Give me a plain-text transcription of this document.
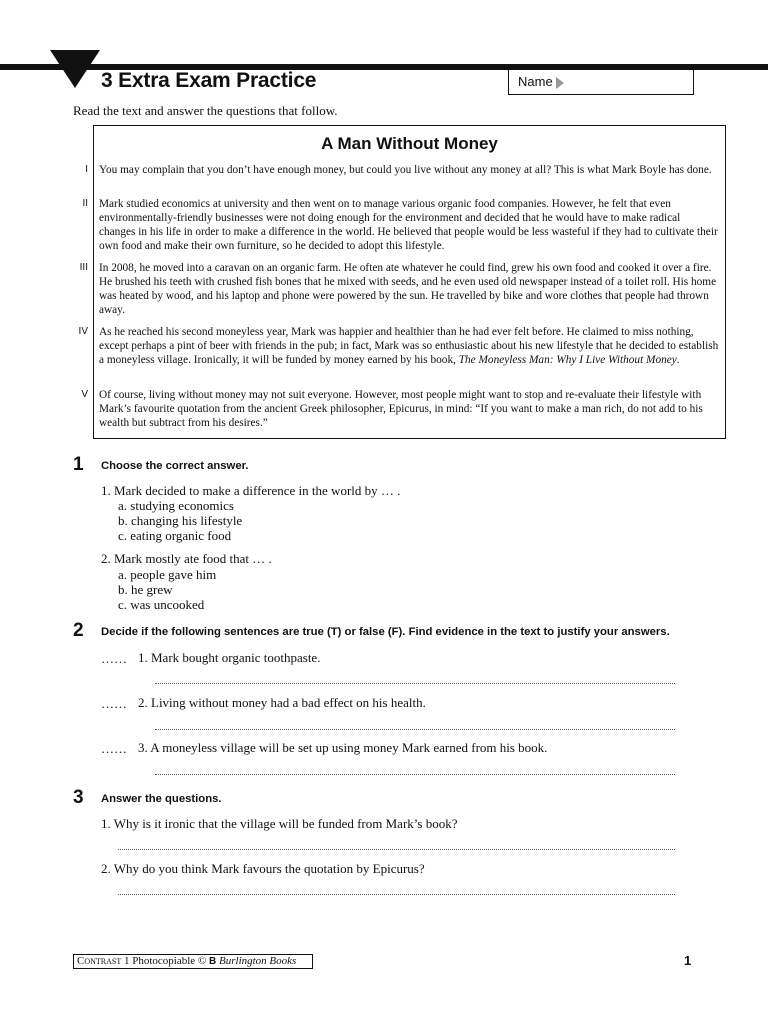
3 Extra Exam Practice	Name
Read the text and answer the questions that follow.
A Man Without Money
I You may complain that you don’t have enough money, but could you live without any money at all? This is what Mark Boyle has done.
II Mark studied economics at university and then went on to manage various organic food companies. However, he felt that even environmentally-friendly businesses were not doing enough for the environment and decided that he would have to make radical changes in his life in order to make a difference in the world. He believed that people would be less wasteful if they had to cultivate their own food and make their own furniture, so he decided to adopt this lifestyle.
III In 2008, he moved into a caravan on an organic farm. He often ate whatever he could find, grew his own food and cooked it over a fire. He brushed his teeth with crushed fish bones that he mixed with seeds, and he even used old newspaper instead of a toilet roll. His home was heated by wood, and his laptop and phone were powered by the sun. He travelled by bike and wore clothes that people had thrown away.
IV As he reached his second moneyless year, Mark was happier and healthier than he had ever felt before. He claimed to miss nothing, except perhaps a pint of beer with friends in the pub; in fact, Mark was so enthusiastic about his new lifestyle that he decided to establish a moneyless village. Ironically, it will be funded by money earned by his book, The Moneyless Man: Why I Live Without Money.
V Of course, living without money may not suit everyone. However, most people might want to stop and re-evaluate their lifestyle with Mark’s favourite quotation from the ancient Greek philosopher, Epicurus, in mind: “If you want to make a man rich, do not add to his wealth but subtract from his desires.”
1 Choose the correct answer.
1. Mark decided to make a difference in the world by … .
a. studying economics
b. changing his lifestyle
c. eating organic food
2. Mark mostly ate food that … .
a. people gave him
b. he grew
c. was uncooked
2 Decide if the following sentences are true (T) or false (F). Find evidence in the text to justify your answers.
…… 1. Mark bought organic toothpaste.
…… 2. Living without money had a bad effect on his health.
…… 3. A moneyless village will be set up using money Mark earned from his book.
3 Answer the questions.
1. Why is it ironic that the village will be funded from Mark’s book?
2. Why do you think Mark favours the quotation by Epicurus?
Contrast 1 Photocopiable © B Burlington Books	1
